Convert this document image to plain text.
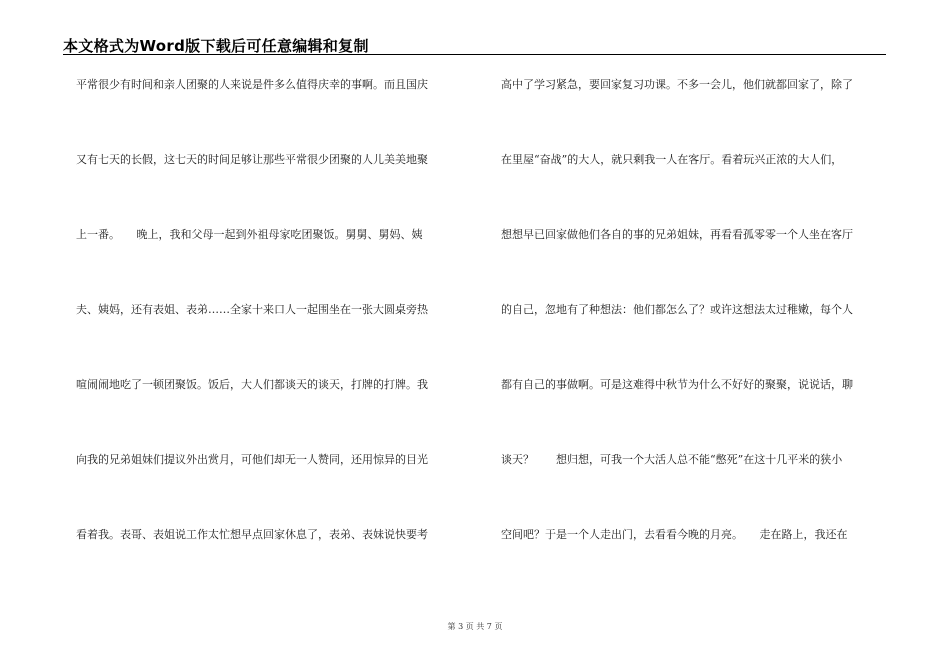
本文格式为Word版下载后可任意编辑和复制
平常很少有时间和亲人团聚的人来说是件多么值得庆幸的事啊。而且国庆
又有七天的长假，这七天的时间足够让那些平常很少团聚的人儿美美地聚
上一番。　　晚上，我和父母一起到外祖母家吃团聚饭。舅舅、舅妈、姨
夫、姨妈，还有表姐、表弟……全家十来口人一起围坐在一张大圆桌旁热
喧闹闹地吃了一顿团聚饭。饭后，大人们都谈天的谈天，打牌的打牌。我
向我的兄弟姐妹们提议外出赏月，可他们却无一人赞同，还用惊异的目光
看着我。表哥、表姐说工作太忙想早点回家休息了，表弟、表妹说快要考
高中了学习紧急，要回家复习功课。不多一会儿，他们就都回家了，除了
在里屋“奋战”的大人，就只剩我一人在客厅。看着玩兴正浓的大人们，
想想早已回家做他们各自的事的兄弟姐妹，再看看孤零零一个人坐在客厅
的自己，忽地有了种想法：他们都怎么了？或许这想法太过稚嫩，每个人
都有自己的事做啊。可是这难得中秋节为什么不好好的聚聚，说说话，聊
谈天？　　想归想，可我一个大活人总不能“憋死”在这十几平米的狭小
空间吧？于是一个人走出门，去看看今晚的月亮。　　走在路上，我还在
第 3 页 共 7 页
